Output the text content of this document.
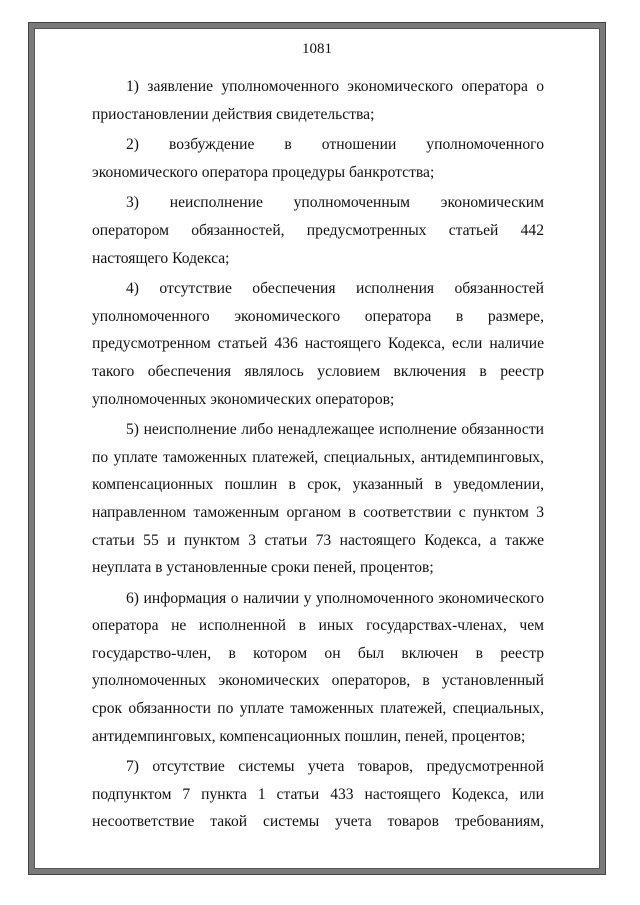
1081

1) заявление уполномоченного экономического оператора о приостановлении действия свидетельства;

2) возбуждение в отношении уполномоченного экономического оператора процедуры банкротства;

3) неисполнение уполномоченным экономическим оператором обязанностей, предусмотренных статьей 442 настоящего Кодекса;

4) отсутствие обеспечения исполнения обязанностей уполномоченного экономического оператора в размере, предусмотренном статьей 436 настоящего Кодекса, если наличие такого обеспечения являлось условием включения в реестр уполномоченных экономических операторов;

5) неисполнение либо ненадлежащее исполнение обязанности по уплате таможенных платежей, специальных, антидемпинговых, компенсационных пошлин в срок, указанный в уведомлении, направленном таможенным органом в соответствии с пунктом 3 статьи 55 и пунктом 3 статьи 73 настоящего Кодекса, а также неуплата в установленные сроки пеней, процентов;

6) информация о наличии у уполномоченного экономического оператора не исполненной в иных государствах-членах, чем государство-член, в котором он был включен в реестр уполномоченных экономических операторов, в установленный срок обязанности по уплате таможенных платежей, специальных, антидемпинговых, компенсационных пошлин, пеней, процентов;

7) отсутствие системы учета товаров, предусмотренной подпунктом 7 пункта 1 статьи 433 настоящего Кодекса, или несоответствие такой системы учета товаров требованиям,
